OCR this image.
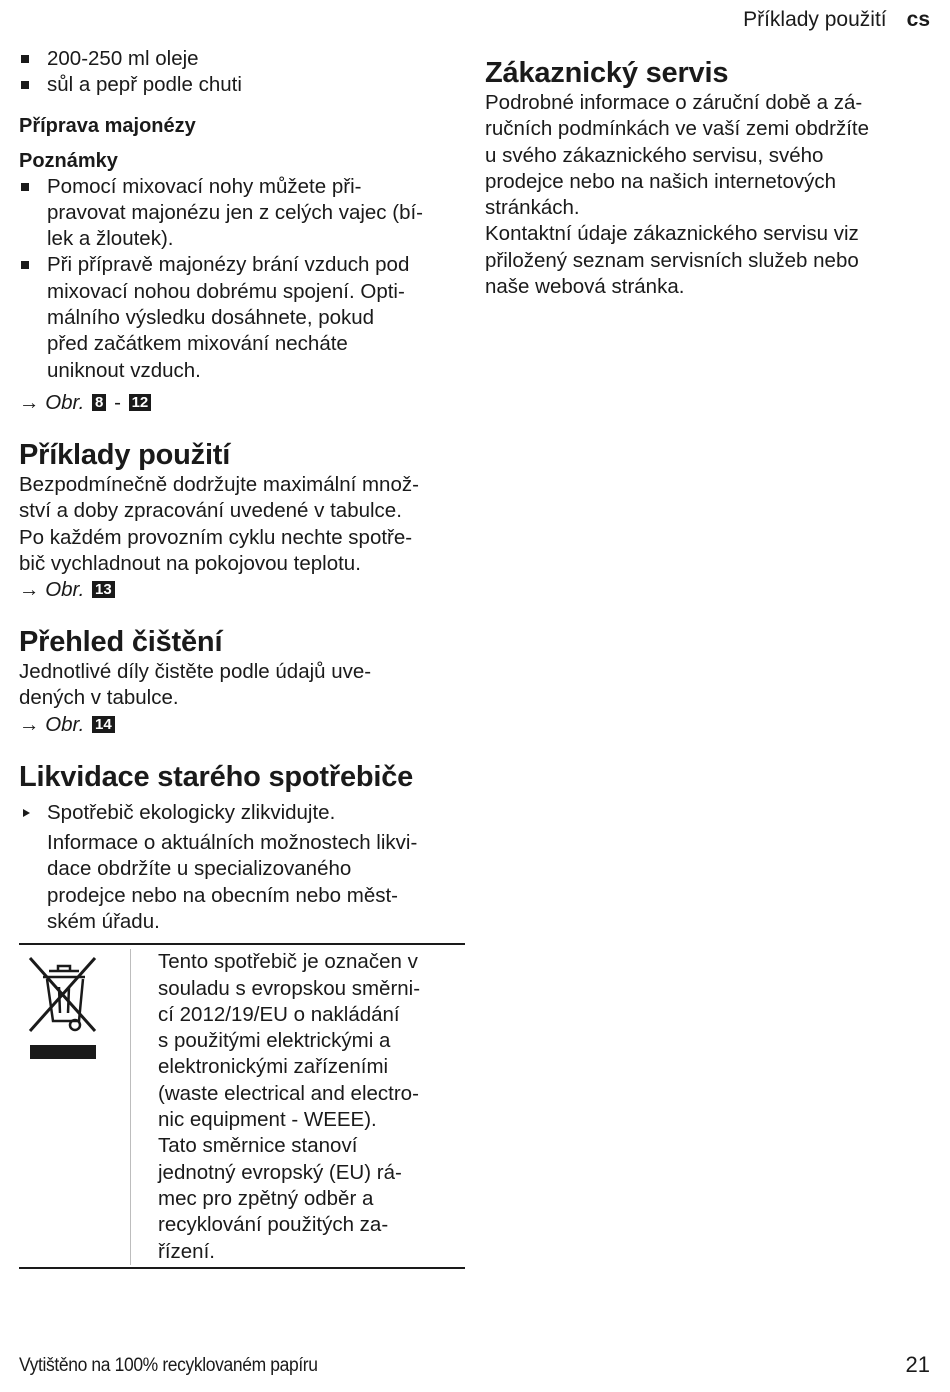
Příklady použití cs
200-250 ml oleje
sůl a pepř podle chuti
Příprava majonézy
Poznámky
Pomocí mixovací nohy můžete při-
pravovat majonézu jen z celých vajec (bí-
lek a žloutek).
Při přípravě majonézy brání vzduch pod
mixovací nohou dobrému spojení. Opti-
málního výsledku dosáhnete, pokud
před začátkem mixování necháte
uniknout vzduch.
→ Obr. 8 - 12
Příklady použití
Bezpodmínečně dodržujte maximální množ-
ství a doby zpracování uvedené v tabulce.
Po každém provozním cyklu nechte spotře-
bič vychladnout na pokojovou teplotu.
→ Obr. 13
Přehled čištění
Jednotlivé díly čistěte podle údajů uve-
dených v tabulce.
→ Obr. 14
Likvidace starého spotřebiče
Spotřebič ekologicky zlikvidujte.
Informace o aktuálních možnostech likvi-
dace obdržíte u specializovaného
prodejce nebo na obecním nebo měst-
ském úřadu.
Tento spotřebič je označen v
souladu s evropskou směrni-
cí 2012/19/EU o nakládání
s použitými elektrickými a
elektronickými zařízeními
(waste electrical and electro-
nic equipment - WEEE).
Tato směrnice stanoví
jednotný evropský (EU) rá-
mec pro zpětný odběr a
recyklování použitých za-
řízení.
Zákaznický servis
Podrobné informace o záruční době a zá-
ručních podmínkách ve vaší zemi obdržíte
u svého zákaznického servisu, svého
prodejce nebo na našich internetových
stránkách.
Kontaktní údaje zákaznického servisu viz
přiložený seznam servisních služeb nebo
naše webová stránka.
Vytištěno na 100% recyklovaném papíru	21
